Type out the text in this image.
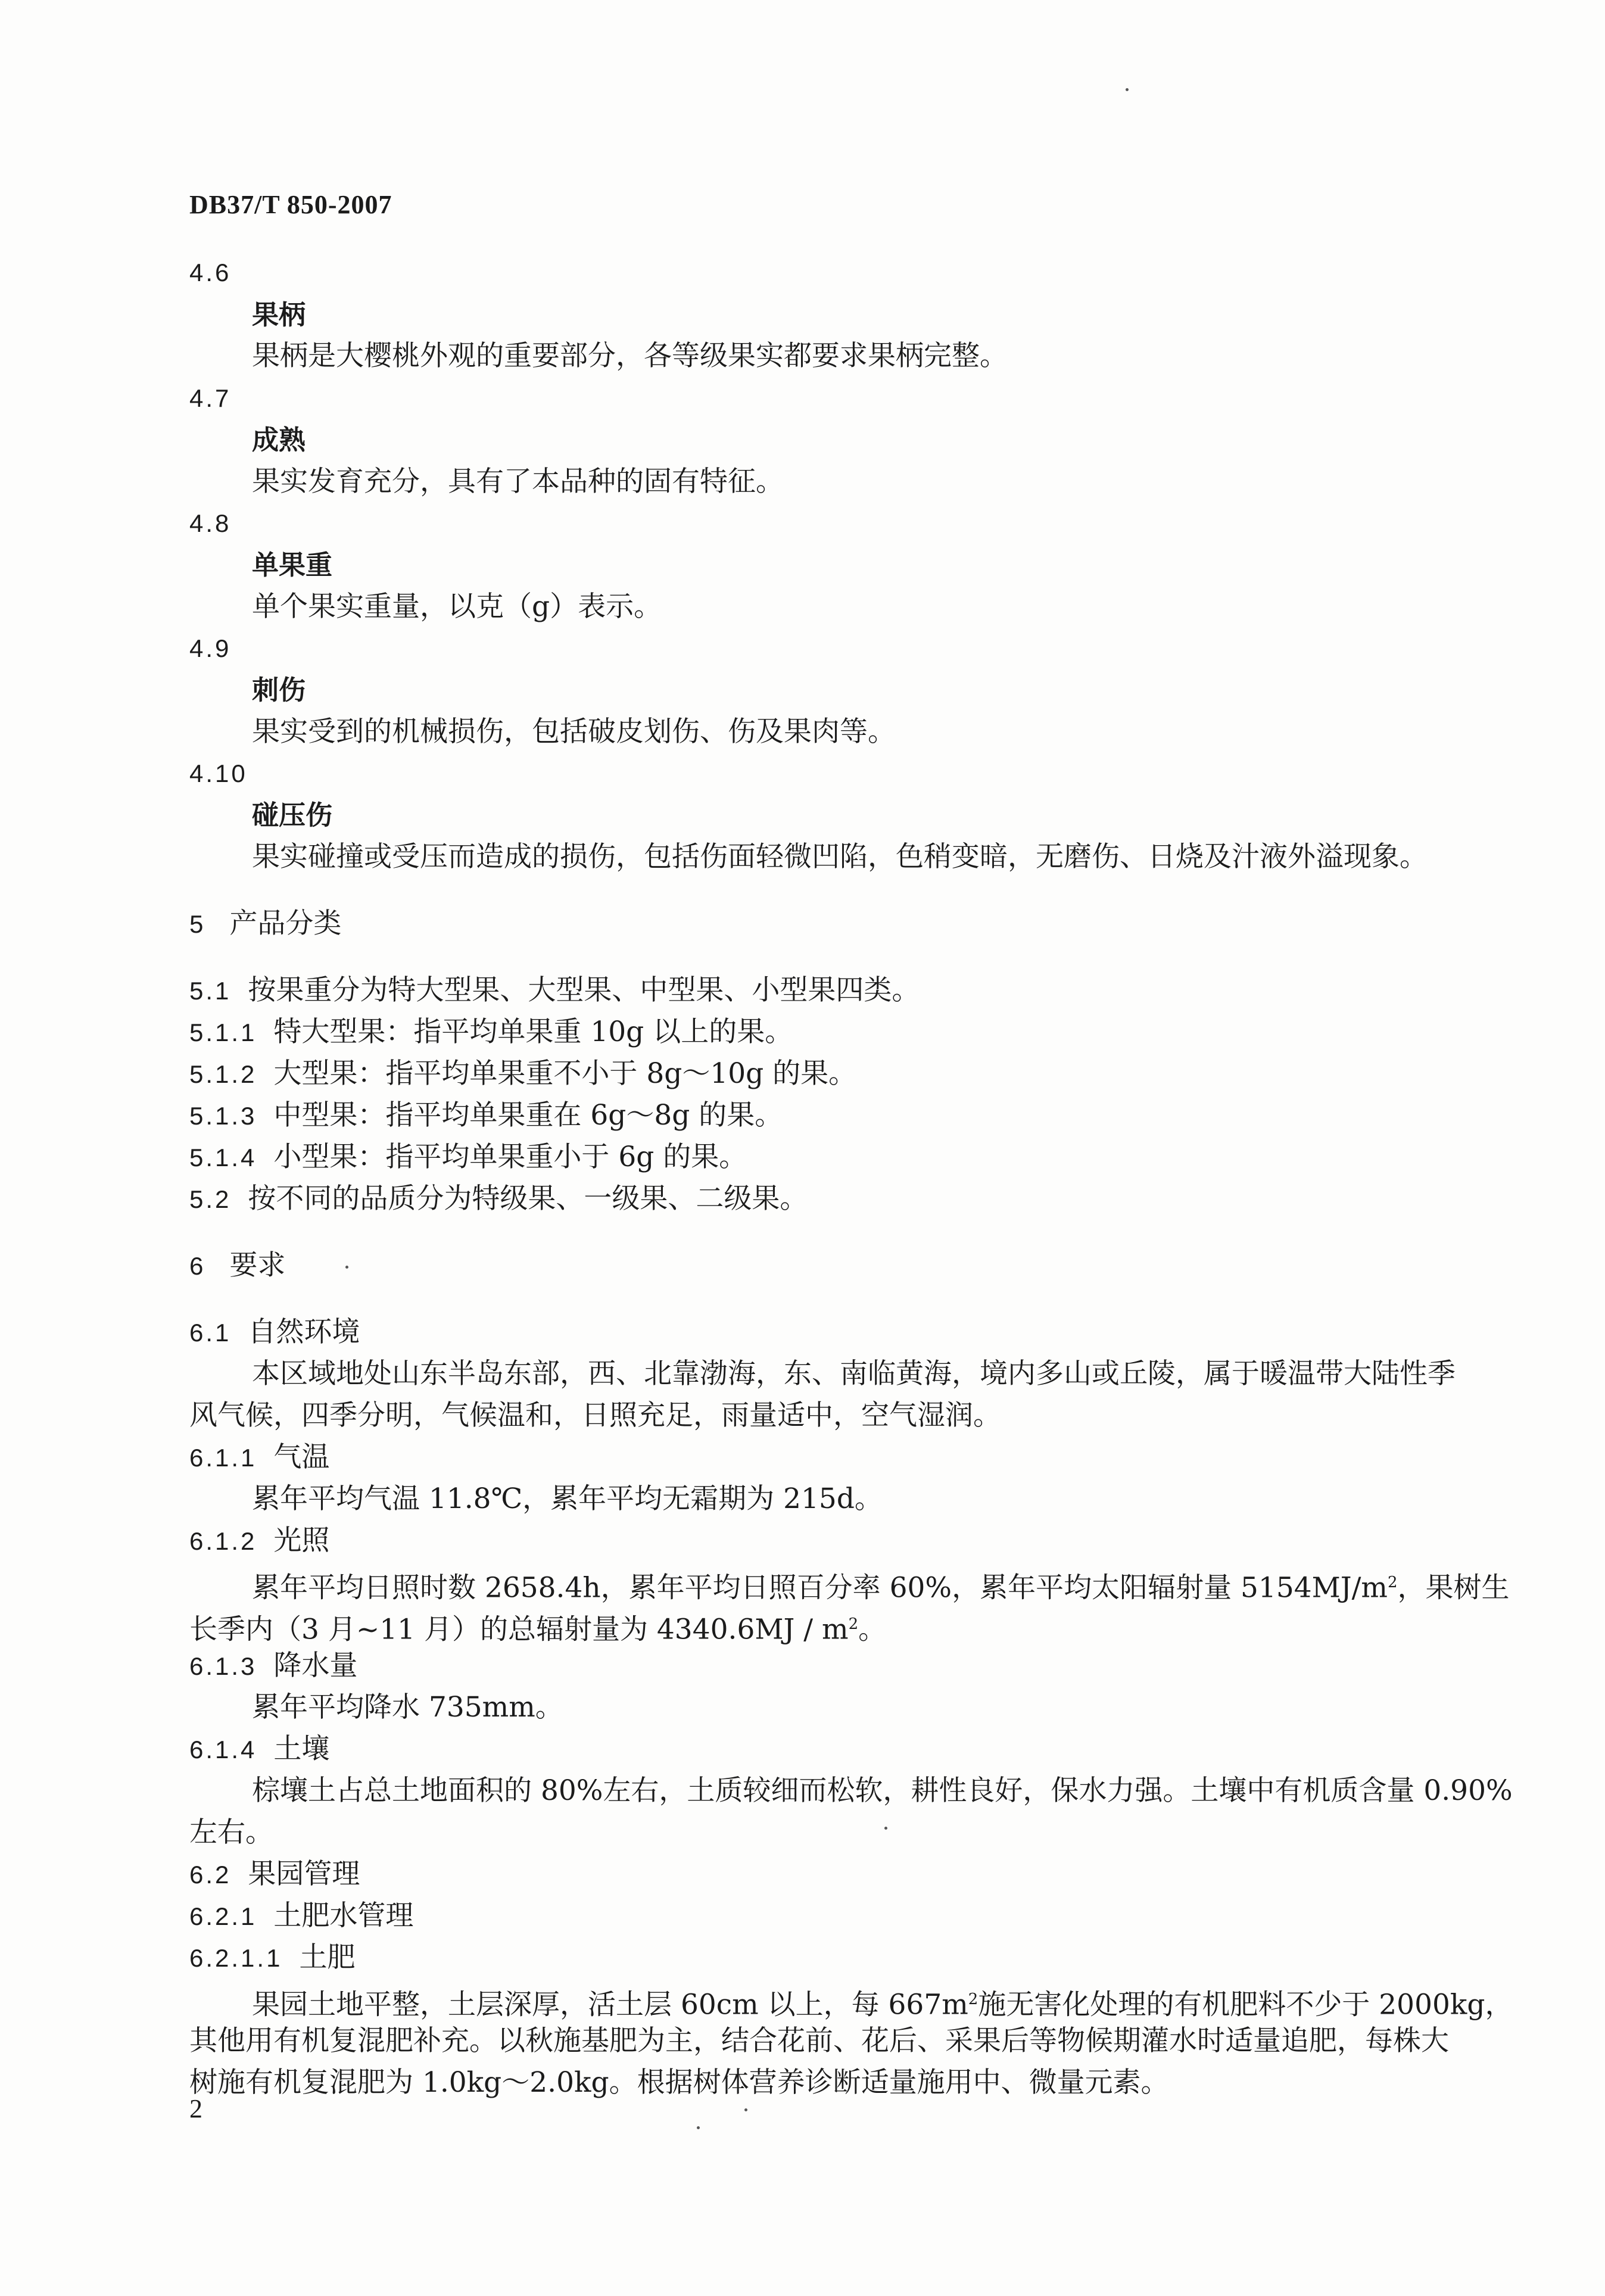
DB37/T 850-2007
4.6
果柄
果柄是大樱桃外观的重要部分，各等级果实都要求果柄完整。
4.7
成熟
果实发育充分，具有了本品种的固有特征。
4.8
单果重
单个果实重量，以克（g）表示。
4.9
刺伤
果实受到的机械损伤，包括破皮划伤、伤及果肉等。
4.10
碰压伤
果实碰撞或受压而造成的损伤，包括伤面轻微凹陷，色稍变暗，无磨伤、日烧及汁液外溢现象。
5 产品分类
5.1 按果重分为特大型果、大型果、中型果、小型果四类。
5.1.1 特大型果：指平均单果重 10g 以上的果。
5.1.2 大型果：指平均单果重不小于 8g～10g 的果。
5.1.3 中型果：指平均单果重在 6g～8g 的果。
5.1.4 小型果：指平均单果重小于 6g 的果。
5.2 按不同的品质分为特级果、一级果、二级果。
6 要求
6.1 自然环境
本区域地处山东半岛东部，西、北靠渤海，东、南临黄海，境内多山或丘陵，属于暖温带大陆性季
风气候，四季分明，气候温和，日照充足，雨量适中，空气湿润。
6.1.1 气温
累年平均气温 11.8℃，累年平均无霜期为 215d。
6.1.2 光照
累年平均日照时数 2658.4h，累年平均日照百分率 60%，累年平均太阳辐射量 $5154MJ/m^2$，果树生
长季内（3 月~11 月）的总辐射量为 $4340.6MJ / m^2$。
6.1.3 降水量
累年平均降水 735mm。
6.1.4 土壤
棕壤土占总土地面积的 80%左右，土质较细而松软，耕性良好，保水力强。土壤中有机质含量 0.90%
左右。
6.2 果园管理
6.2.1 土肥水管理
6.2.1.1 土肥
果园土地平整，土层深厚，活土层 60cm 以上，每 $667m^2$施无害化处理的有机肥料不少于 2000kg，
其他用有机复混肥补充。以秋施基肥为主，结合花前、花后、采果后等物候期灌水时适量追肥，每株大
树施有机复混肥为 1.0kg～2.0kg。根据树体营养诊断适量施用中、微量元素。
2
